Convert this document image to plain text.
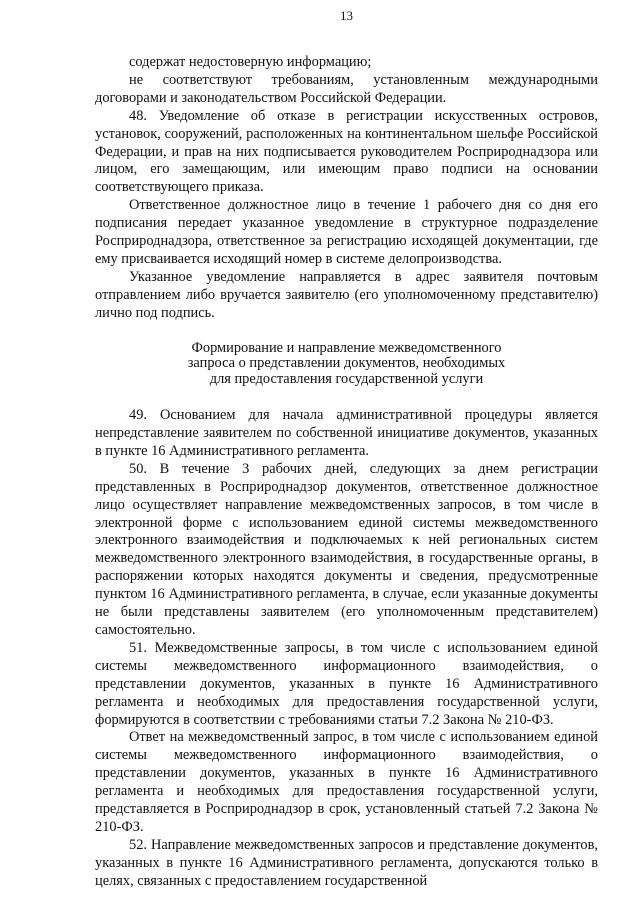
13

содержат недостоверную информацию;

не соответствуют требованиям, установленным международными договорами и законодательством Российской Федерации.

48. Уведомление об отказе в регистрации искусственных островов, установок, сооружений, расположенных на континентальном шельфе Российской Федерации, и прав на них подписывается руководителем Росприроднадзора или лицом, его замещающим, или имеющим право подписи на основании соответствующего приказа.

Ответственное должностное лицо в течение 1 рабочего дня со дня его подписания передает указанное уведомление в структурное подразделение Росприроднадзора, ответственное за регистрацию исходящей документации, где ему присваивается исходящий номер в системе делопроизводства.

Указанное уведомление направляется в адрес заявителя почтовым отправлением либо вручается заявителю (его уполномоченному представителю) лично под подпись.

Формирование и направление межведомственного
запроса о представлении документов, необходимых
для предоставления государственной услуги

49. Основанием для начала административной процедуры является непредставление заявителем по собственной инициативе документов, указанных в пункте 16 Административного регламента.

50. В течение 3 рабочих дней, следующих за днем регистрации представленных в Росприроднадзор документов, ответственное должностное лицо осуществляет направление межведомственных запросов, в том числе в электронной форме с использованием единой системы межведомственного электронного взаимодействия и подключаемых к ней региональных систем межведомственного электронного взаимодействия, в государственные органы, в распоряжении которых находятся документы и сведения, предусмотренные пунктом 16 Административного регламента, в случае, если указанные документы не были представлены заявителем (его уполномоченным представителем) самостоятельно.

51. Межведомственные запросы, в том числе с использованием единой системы межведомственного информационного взаимодействия, о представлении документов, указанных в пункте 16 Административного регламента и необходимых для предоставления государственной услуги, формируются в соответствии с требованиями статьи 7.2 Закона № 210-ФЗ.

Ответ на межведомственный запрос, в том числе с использованием единой системы межведомственного информационного взаимодействия, о представлении документов, указанных в пункте 16 Административного регламента и необходимых для предоставления государственной услуги, представляется в Росприроднадзор в срок, установленный статьей 7.2 Закона № 210-ФЗ.

52. Направление межведомственных запросов и представление документов, указанных в пункте 16 Административного регламента, допускаются только в целях, связанных с предоставлением государственной
